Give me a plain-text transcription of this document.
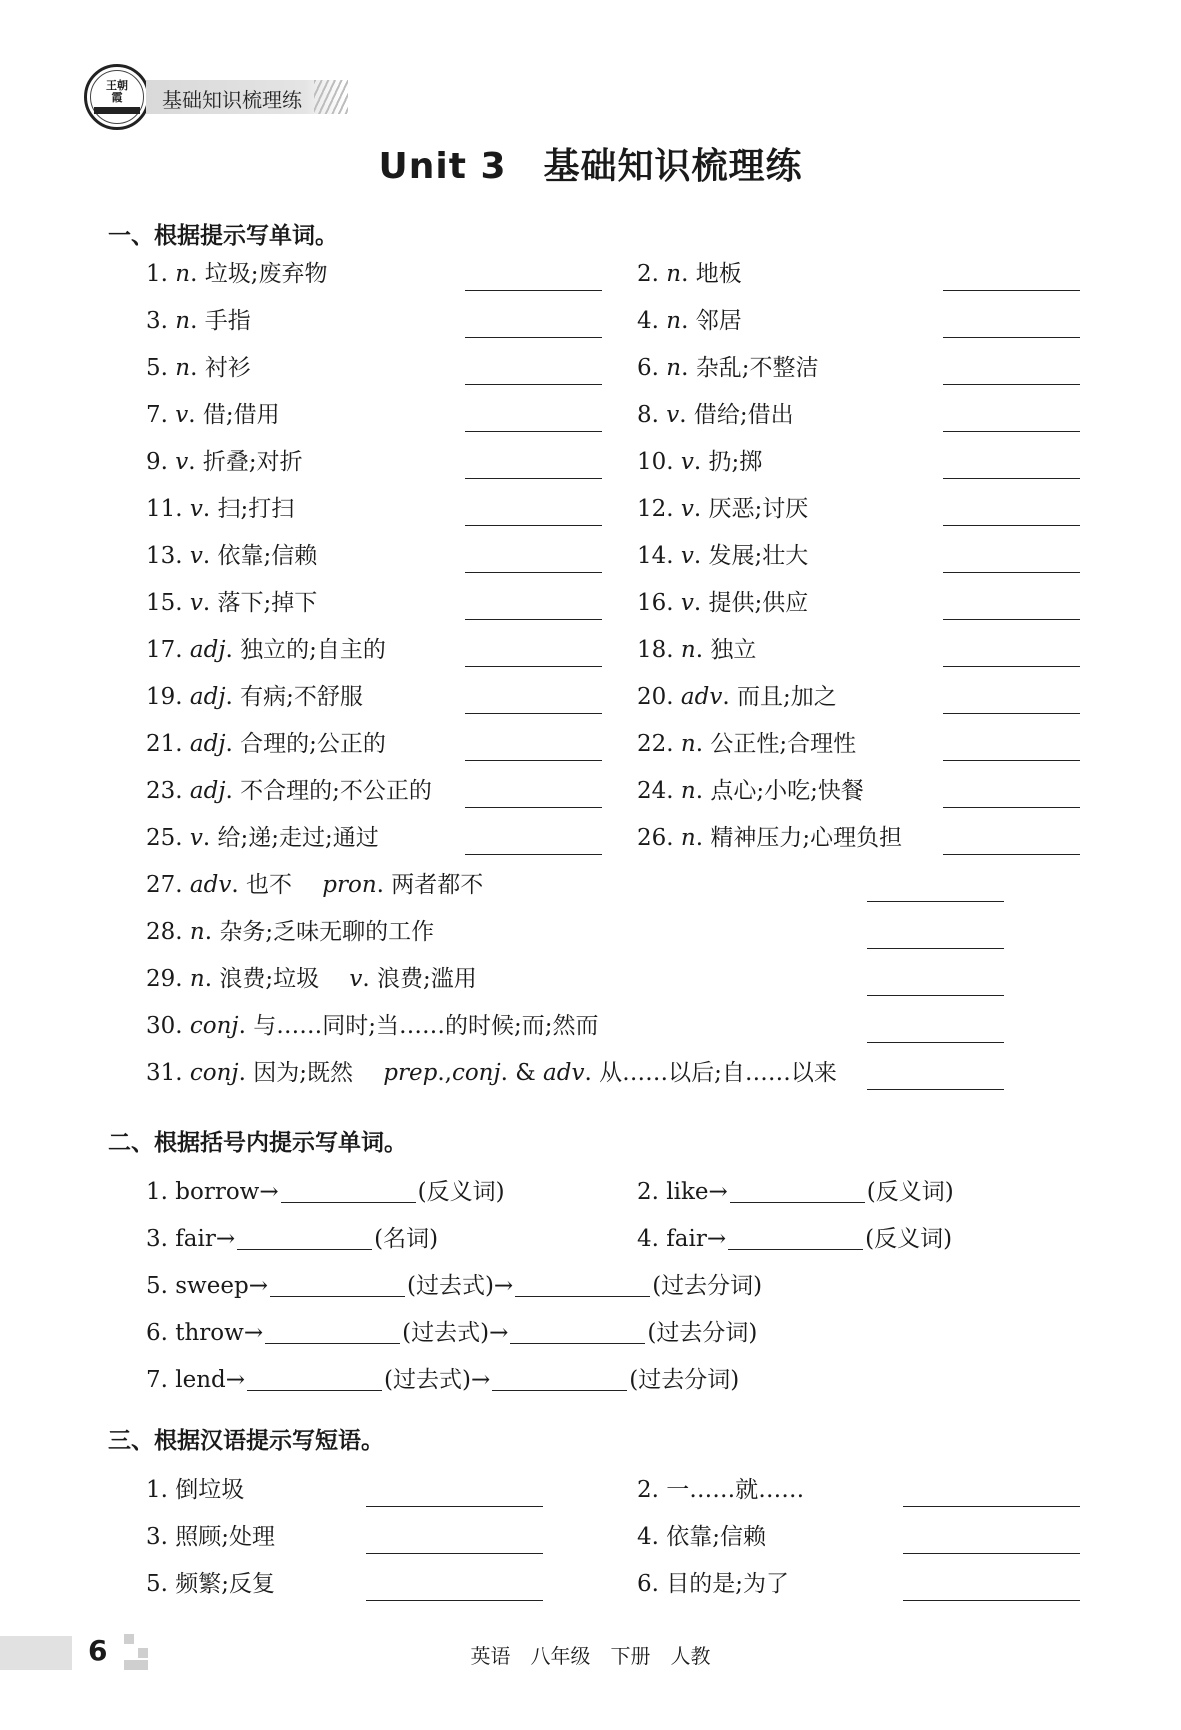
王朝
霞 基础知识梳理练
Unit 3　基础知识梳理练
一、根据提示写单词。
二、根据括号内提示写单词。
三、根据汉语提示写短语。
1. n. 垃圾;废弃物	2. n. 地板
3. n. 手指	4. n. 邻居
5. n. 衬衫	6. n. 杂乱;不整洁
7. v. 借;借用	8. v. 借给;借出
9. v. 折叠;对折	10. v. 扔;掷
11. v. 扫;打扫	12. v. 厌恶;讨厌
13. v. 依靠;信赖	14. v. 发展;壮大
15. v. 落下;掉下	16. v. 提供;供应
17. adj. 独立的;自主的	18. n. 独立
19. adj. 有病;不舒服	20. adv. 而且;加之
21. adj. 合理的;公正的	22. n. 公正性;合理性
23. adj. 不合理的;不公正的	24. n. 点心;小吃;快餐
25. v. 给;递;走过;通过	26. n. 精神压力;心理负担
27. adv. 也不　 pron. 两者都不
28. n. 杂务;乏味无聊的工作
29. n. 浪费;垃圾　 v. 浪费;滥用
30. conj. 与……同时;当……的时候;而;然而
31. conj. 因为;既然　 prep.,conj. & adv. 从……以后;自……以来
1. borrow→	(反义词)	2. like→	(反义词)
3. fair→	(名词)	4. fair→	(反义词)
5. sweep→	(过去式)→	(过去分词)
6. throw→	(过去式)→	(过去分词)
7. lend→	(过去式)→	(过去分词)
1. 倒垃圾	2. 一……就……
3. 照顾;处理	4. 依靠;信赖
5. 频繁;反复	6. 目的是;为了
6	英语　八年级　下册　人教
